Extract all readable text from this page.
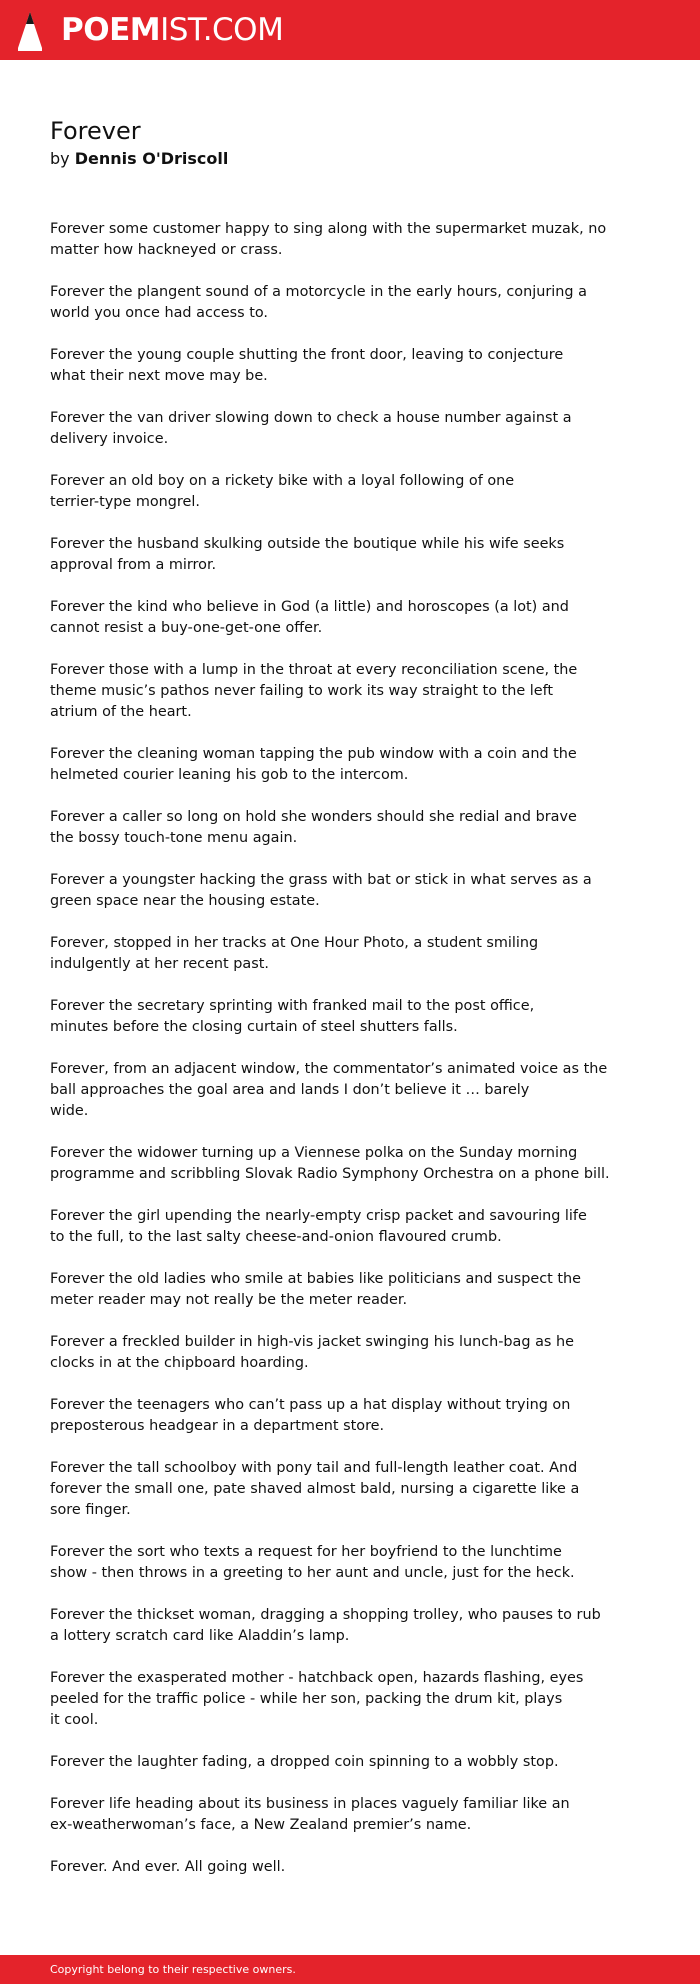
POEMIST.COM
Forever
by Dennis O'Driscoll

Forever some customer happy to sing along with the supermarket muzak, no
matter how hackneyed or crass.

Forever the plangent sound of a motorcycle in the early hours, conjuring a
world you once had access to.

Forever the young couple shutting the front door, leaving to conjecture
what their next move may be.

Forever the van driver slowing down to check a house number against a
delivery invoice.

Forever an old boy on a rickety bike with a loyal following of one
terrier-type mongrel.

Forever the husband skulking outside the boutique while his wife seeks
approval from a mirror.

Forever the kind who believe in God (a little) and horoscopes (a lot) and
cannot resist a buy-one-get-one offer.

Forever those with a lump in the throat at every reconciliation scene, the
theme music’s pathos never failing to work its way straight to the left
atrium of the heart.

Forever the cleaning woman tapping the pub window with a coin and the
helmeted courier leaning his gob to the intercom.

Forever a caller so long on hold she wonders should she redial and brave
the bossy touch-tone menu again.

Forever a youngster hacking the grass with bat or stick in what serves as a
green space near the housing estate.

Forever, stopped in her tracks at One Hour Photo, a student smiling
indulgently at her recent past.

Forever the secretary sprinting with franked mail to the post office,
minutes before the closing curtain of steel shutters falls.

Forever, from an adjacent window, the commentator’s animated voice as the
ball approaches the goal area and lands I don’t believe it … barely
wide.

Forever the widower turning up a Viennese polka on the Sunday morning
programme and scribbling Slovak Radio Symphony Orchestra on a phone bill.

Forever the girl upending the nearly-empty crisp packet and savouring life
to the full, to the last salty cheese-and-onion flavoured crumb.

Forever the old ladies who smile at babies like politicians and suspect the
meter reader may not really be the meter reader.

Forever a freckled builder in high-vis jacket swinging his lunch-bag as he
clocks in at the chipboard hoarding.

Forever the teenagers who can’t pass up a hat display without trying on
preposterous headgear in a department store.

Forever the tall schoolboy with pony tail and full-length leather coat. And
forever the small one, pate shaved almost bald, nursing a cigarette like a
sore finger.

Forever the sort who texts a request for her boyfriend to the lunchtime
show - then throws in a greeting to her aunt and uncle, just for the heck.

Forever the thickset woman, dragging a shopping trolley, who pauses to rub
a lottery scratch card like Aladdin’s lamp.

Forever the exasperated mother - hatchback open, hazards flashing, eyes
peeled for the traffic police - while her son, packing the drum kit, plays
it cool.

Forever the laughter fading, a dropped coin spinning to a wobbly stop.

Forever life heading about its business in places vaguely familiar like an
ex-weatherwoman’s face, a New Zealand premier’s name.

Forever. And ever. All going well.

Copyright belong to their respective owners.
